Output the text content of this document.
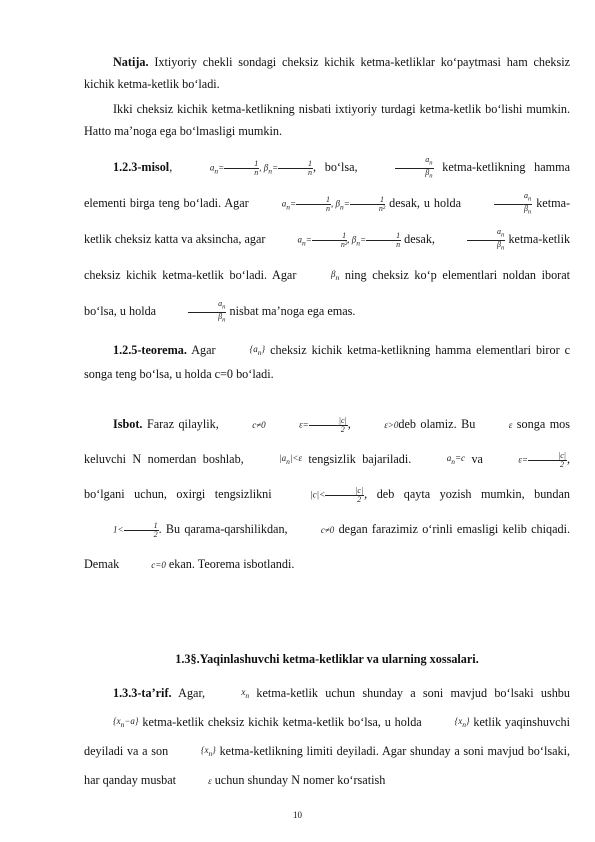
Natija. Ixtiyoriy chekli sondagi cheksiz kichik ketma-ketliklar ko‘paytmasi ham cheksiz kichik ketma-ketlik bo‘ladi.

Ikki cheksiz kichik ketma-ketlikning nisbati ixtiyoriy turdagi ketma-ketlik bo‘lishi mumkin. Hatto ma’noga ega bo‘lmasligi mumkin.

1.2.3-misol,	$a_n= \frac{1}{n}$ , $\beta_n= \frac{1}{n}$ , bo‘lsa,	$\frac{a_n}{\beta_n}$ ketma-ketlikning hamma elementi birga teng bo‘ladi. Agar	$a_n= \frac{1}{n}$ , $\beta_n= \frac{1}{\text{n²}}$ desak, u holda	$\frac{a_n}{\beta_n}$ ketma-ketlik cheksiz katta va aksincha, agar	$a_n= \frac{1}{\text{n²}}$ , $\beta_n= \frac{1}{n}$ desak,	$\frac{a_n}{\beta_n}$ ketma-ketlik cheksiz kichik ketma-ketlik bo‘ladi. Agar	$\beta_n$ ning cheksiz ko‘p elementlari noldan iborat bo‘lsa, u holda	$\frac{a_n}{\beta_n}$ nisbat ma’noga ega emas.

1.2.5-teorema. Agar	$\{a_n\}$ cheksiz kichik ketma-ketlikning hamma elementlari biror c songa teng bo‘lsa, u holda c=0 bo‘ladi.

Isbot. Faraz qilaylik,	c≠0	$\varepsilon= \frac{|c|}{2}$ ,	ε>0deb olamiz. Bu	ε songa mos keluvchi N nomerdan boshlab,	$|a_n|<\varepsilon$ tengsizlik bajariladi.	$a_n=c$ va	$\varepsilon= \frac{|c|}{2}$ , bo‘lgani uchun, oxirgi tengsizlikni	$|c|< \frac{|c|}{2}$ , deb qayta yozish mumkin, bundan $1< \frac{1}{2}$ . Bu qarama-qarshilikdan,	c≠0 degan farazimiz o‘rinli emasligi kelib chiqadi. Demak	c=0 ekan. Teorema isbotlandi.

1.3§.Yaqinlashuvchi ketma-ketliklar va ularning xossalari.

1.3.3-ta’rif. Agar,	$x_n$ ketma-ketlik uchun shunday a soni mavjud bo‘lsaki ushbu $\{x_n-a\}$ ketma-ketlik cheksiz kichik ketma-ketlik bo‘lsa, u holda	$\{x_n\}$ ketlik yaqinshuvchi deyiladi va a son	$\{x_n\}$ ketma-ketlikning limiti deyiladi. Agar shunday a soni mavjud bo‘lsaki, har qanday musbat	ε uchun shunday N nomer ko‘rsatish

10
